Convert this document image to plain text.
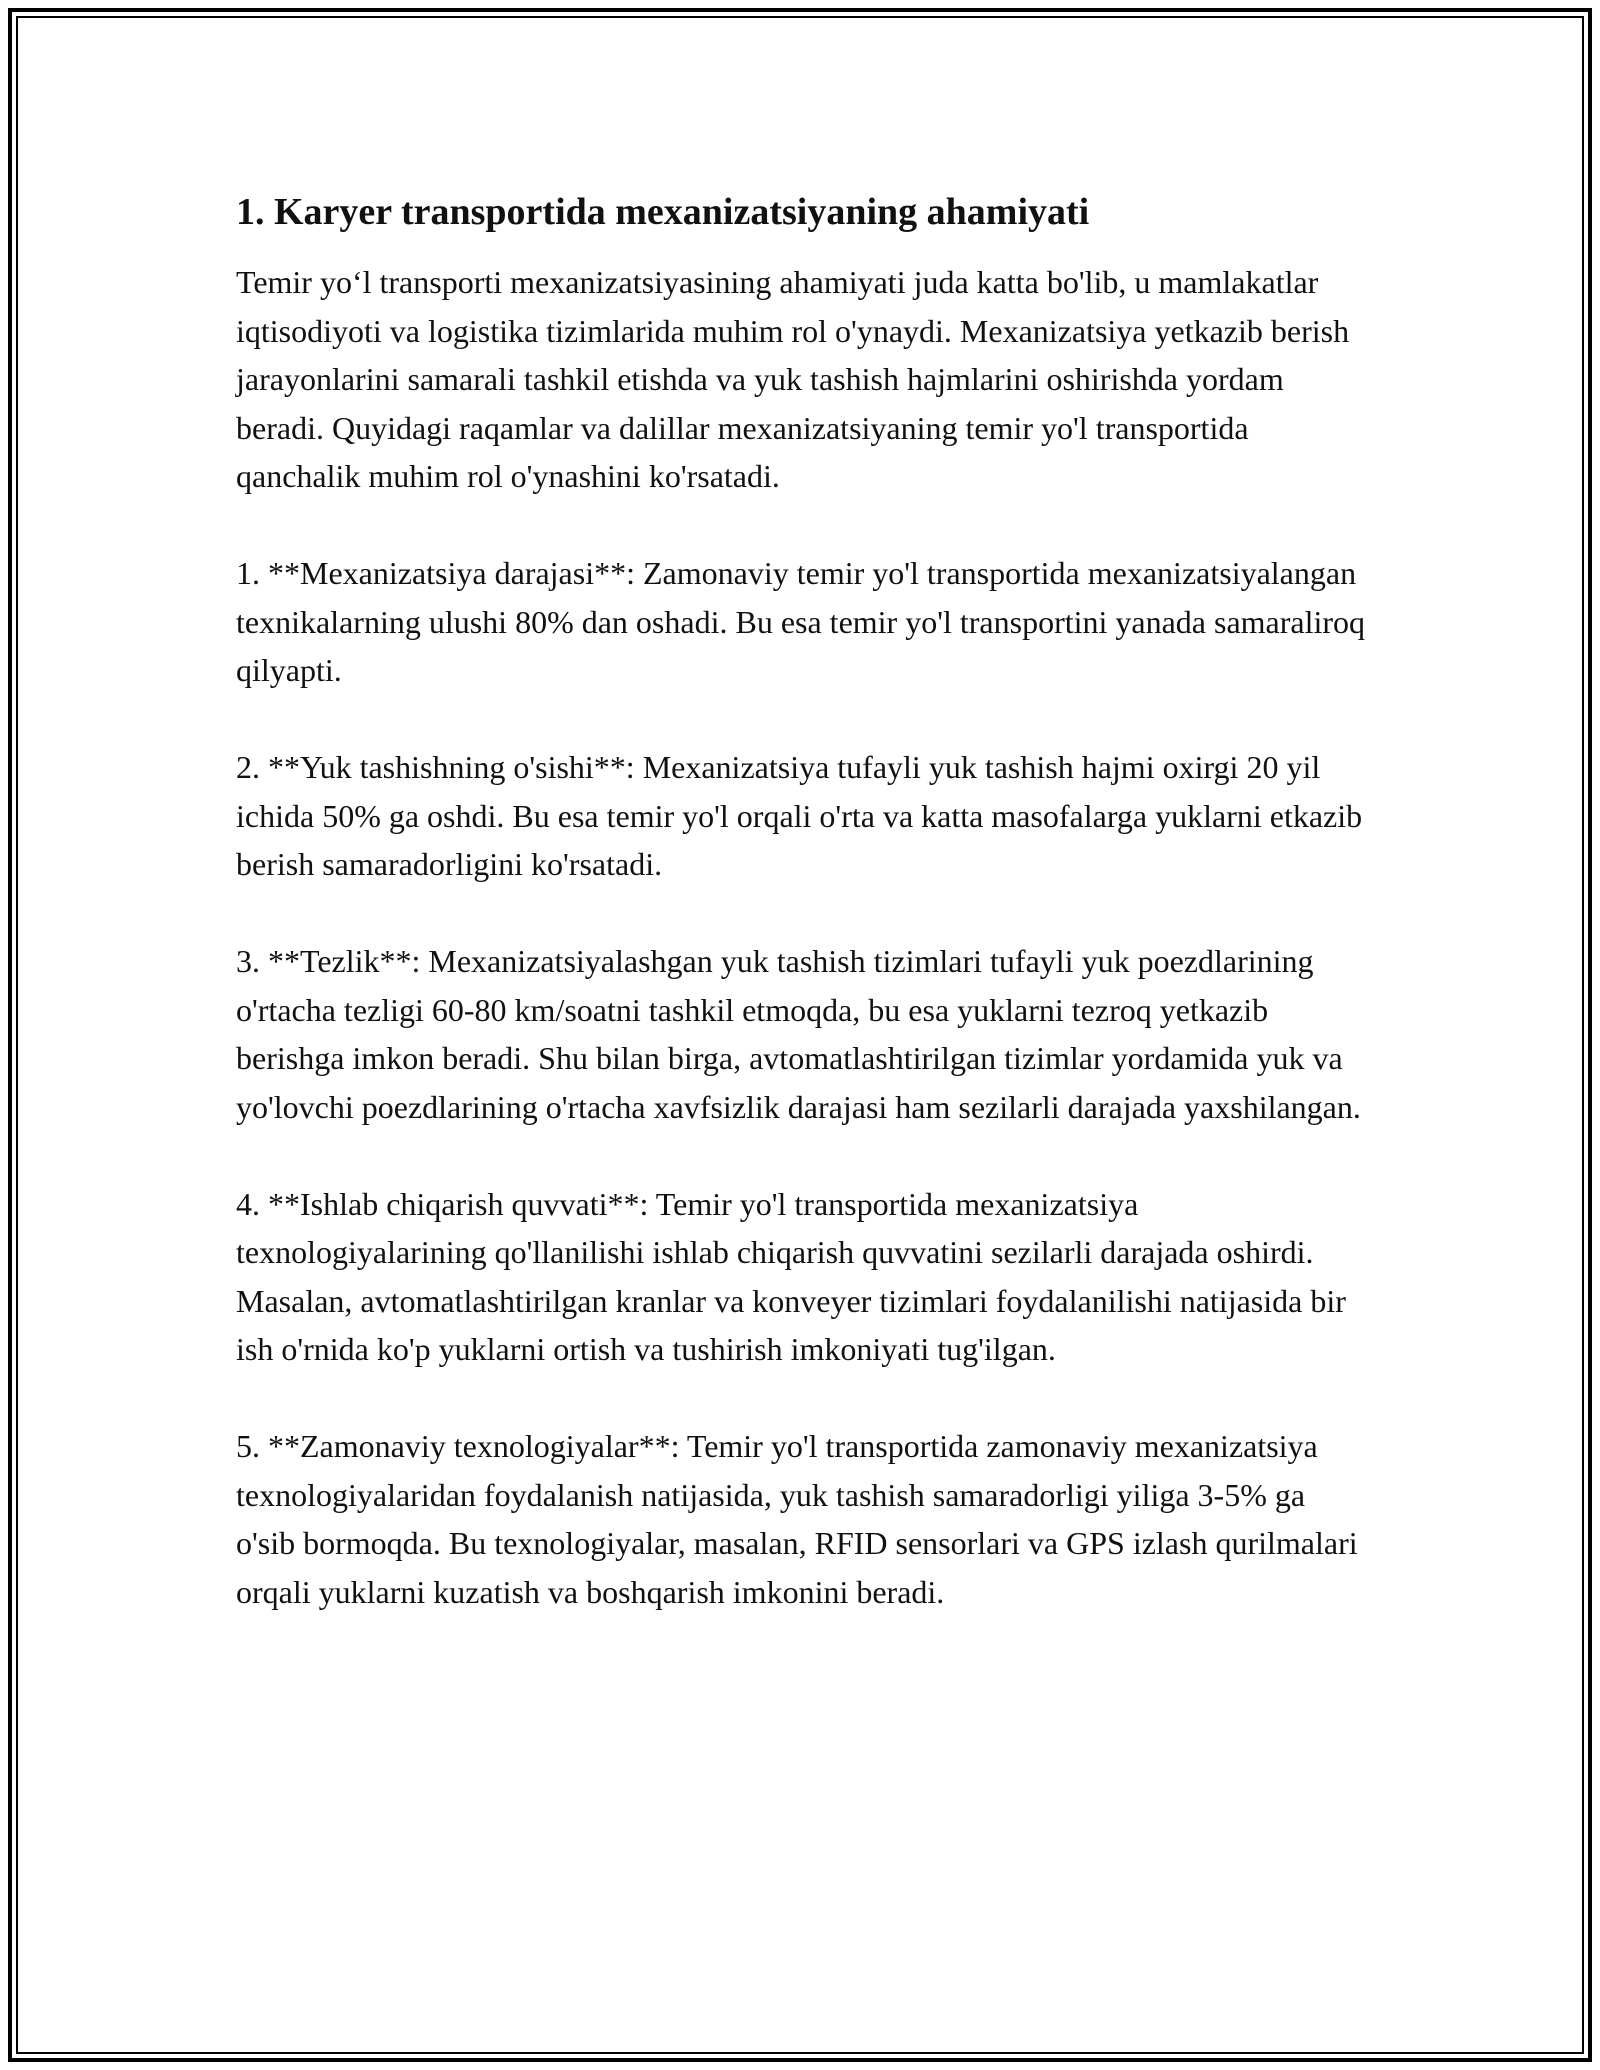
1. Karyer transportida mexanizatsiyaning ahamiyati

Temir yo‘l transporti mexanizatsiyasining ahamiyati juda katta bo'lib, u mamlakatlar iqtisodiyoti va logistika tizimlarida muhim rol o'ynaydi. Mexanizatsiya yetkazib berish jarayonlarini samarali tashkil etishda va yuk tashish hajmlarini oshirishda yordam beradi. Quyidagi raqamlar va dalillar mexanizatsiyaning temir yo'l transportida qanchalik muhim rol o'ynashini ko'rsatadi.

1. **Mexanizatsiya darajasi**: Zamonaviy temir yo'l transportida mexanizatsiyalangan texnikalarning ulushi 80% dan oshadi. Bu esa temir yo'l transportini yanada samaraliroq qilyapti.

2. **Yuk tashishning o'sishi**: Mexanizatsiya tufayli yuk tashish hajmi oxirgi 20 yil ichida 50% ga oshdi. Bu esa temir yo'l orqali o'rta va katta masofalarga yuklarni etkazib berish samaradorligini ko'rsatadi.

3. **Tezlik**: Mexanizatsiyalashgan yuk tashish tizimlari tufayli yuk poezdlarining o'rtacha tezligi 60-80 km/soatni tashkil etmoqda, bu esa yuklarni tezroq yetkazib berishga imkon beradi. Shu bilan birga, avtomatlashtirilgan tizimlar yordamida yuk va yo'lovchi poezdlarining o'rtacha xavfsizlik darajasi ham sezilarli darajada yaxshilangan.

4. **Ishlab chiqarish quvvati**: Temir yo'l transportida mexanizatsiya texnologiyalarining qo'llanilishi ishlab chiqarish quvvatini sezilarli darajada oshirdi. Masalan, avtomatlashtirilgan kranlar va konveyer tizimlari foydalanilishi natijasida bir ish o'rnida ko'p yuklarni ortish va tushirish imkoniyati tug'ilgan.

5. **Zamonaviy texnologiyalar**: Temir yo'l transportida zamonaviy mexanizatsiya texnologiyalaridan foydalanish natijasida, yuk tashish samaradorligi yiliga 3-5% ga o'sib bormoqda. Bu texnologiyalar, masalan, RFID sensorlari va GPS izlash qurilmalari orqali yuklarni kuzatish va boshqarish imkonini beradi.
